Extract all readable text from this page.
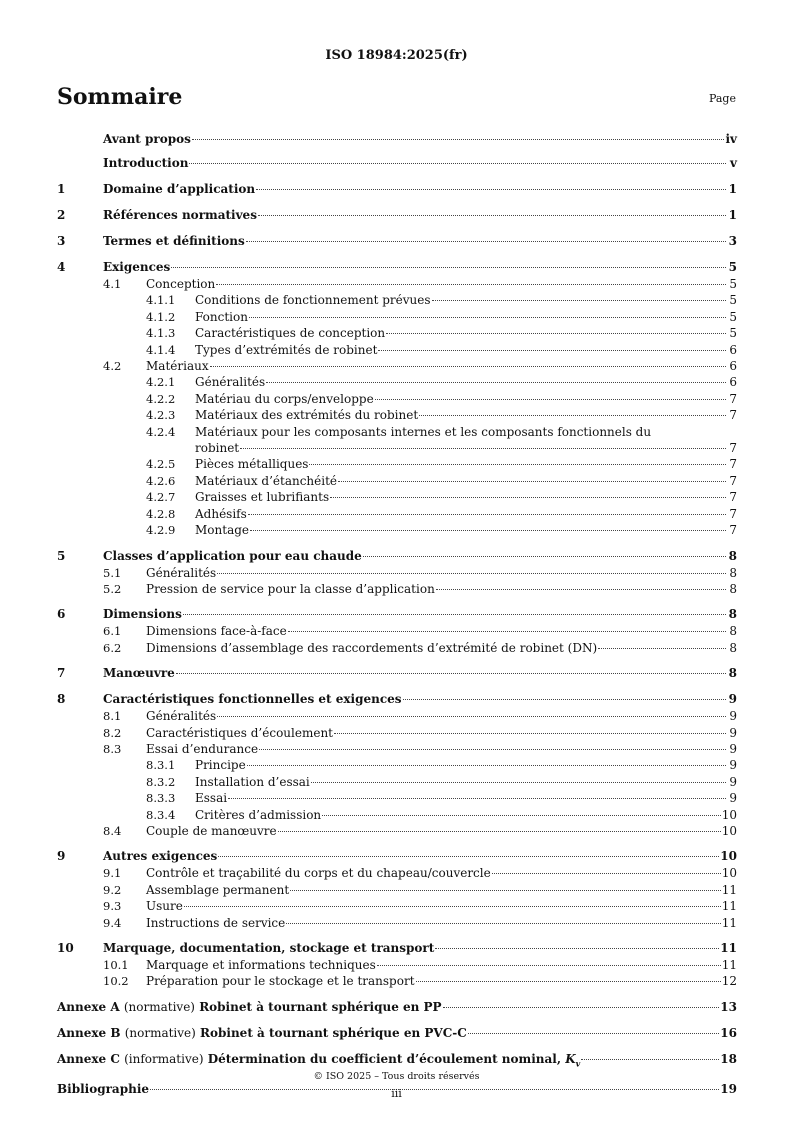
ISO 18984:2025(fr)
Sommaire	Page
Avant propos	iv
Introduction	v
1	Domaine d’application	1
2	Références normatives	1
3	Termes et définitions	3
4	Exigences	5
4.1	Conception	5
4.1.1	Conditions de fonctionnement prévues	5
4.1.2	Fonction	5
4.1.3	Caractéristiques de conception	5
4.1.4	Types d’extrémités de robinet	6
4.2	Matériaux	6
4.2.1	Généralités	6
4.2.2	Matériau du corps/enveloppe	7
4.2.3	Matériaux des extrémités du robinet	7
4.2.4	Matériaux pour les composants internes et les composants fonctionnels du
robinet	7
4.2.5	Pièces métalliques	7
4.2.6	Matériaux d’étanchéité	7
4.2.7	Graisses et lubrifiants	7
4.2.8	Adhésifs	7
4.2.9	Montage	7
5	Classes d’application pour eau chaude	8
5.1	Généralités	8
5.2	Pression de service pour la classe d’application	8
6	Dimensions	8
6.1	Dimensions face-à-face	8
6.2	Dimensions d’assemblage des raccordements d’extrémité de robinet (DN)	8
7	Manœuvre	8
8	Caractéristiques fonctionnelles et exigences	9
8.1	Généralités	9
8.2	Caractéristiques d’écoulement	9
8.3	Essai d’endurance	9
8.3.1	Principe	9
8.3.2	Installation d’essai	9
8.3.3	Essai	9
8.3.4	Critères d’admission	10
8.4	Couple de manœuvre	10
9	Autres exigences	10
9.1	Contrôle et traçabilité du corps et du chapeau/couvercle	10
9.2	Assemblage permanent	11
9.3	Usure	11
9.4	Instructions de service	11
10	Marquage, documentation, stockage et transport	11
10.1	Marquage et informations techniques	11
10.2	Préparation pour le stockage et le transport	12
Annexe A (normative) Robinet à tournant sphérique en PP	13
Annexe B (normative) Robinet à tournant sphérique en PVC-C	16
Annexe C (informative) Détermination du coefficient d’écoulement nominal, $K_v$	18
Bibliographie	19
© ISO 2025 – Tous droits réservés
iii
